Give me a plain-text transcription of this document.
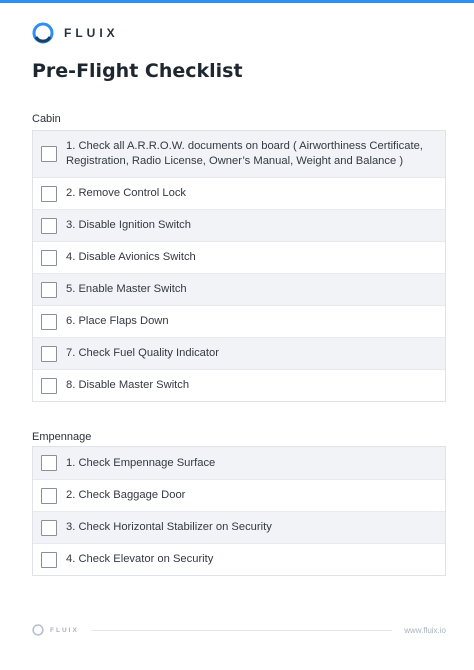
FLUIX
Pre-Flight Checklist
Cabin
1. Check all A.R.R.O.W. documents on board ( Airworthiness Certificate, Registration, Radio License, Owner’s Manual, Weight and Balance )
2. Remove Control Lock
3. Disable Ignition Switch
4. Disable Avionics Switch
5. Enable Master Switch
6. Place Flaps Down
7. Check Fuel Quality Indicator
8. Disable Master Switch
Empennage
1. Check Empennage Surface
2. Check Baggage Door
3. Check Horizontal Stabilizer on Security
4. Check Elevator on Security
FLUIX	www.fluix.io
